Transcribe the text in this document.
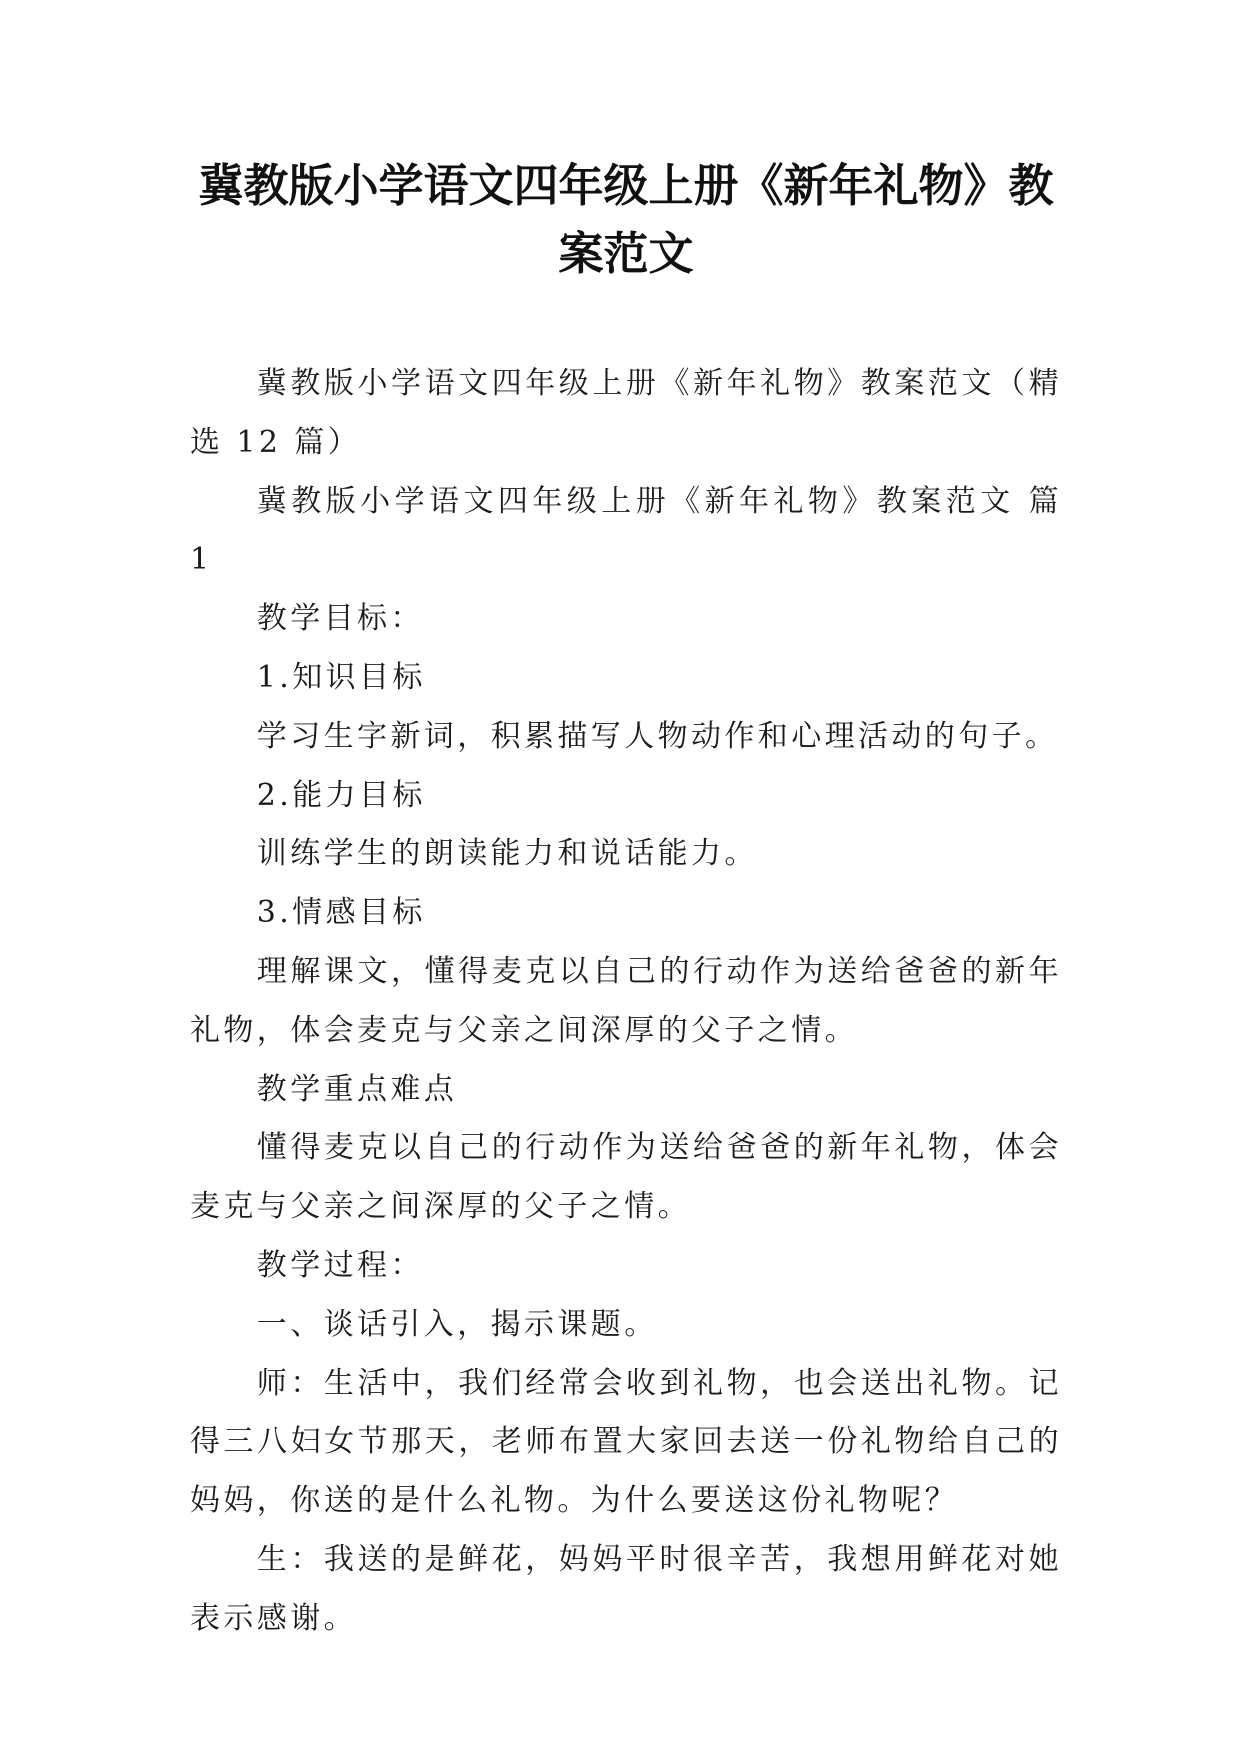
冀教版小学语文四年级上册《新年礼物》教案范文

冀教版小学语文四年级上册《新年礼物》教案范文（精选 12 篇）

冀教版小学语文四年级上册《新年礼物》教案范文 篇 1

教学目标：

1.知识目标

学习生字新词，积累描写人物动作和心理活动的句子。

2.能力目标

训练学生的朗读能力和说话能力。

3.情感目标

理解课文，懂得麦克以自己的行动作为送给爸爸的新年礼物，体会麦克与父亲之间深厚的父子之情。

教学重点难点

懂得麦克以自己的行动作为送给爸爸的新年礼物，体会麦克与父亲之间深厚的父子之情。

教学过程：

一、谈话引入，揭示课题。

师：生活中，我们经常会收到礼物，也会送出礼物。记得三八妇女节那天，老师布置大家回去送一份礼物给自己的妈妈，你送的是什么礼物。为什么要送这份礼物呢？

生：我送的是鲜花，妈妈平时很辛苦，我想用鲜花对她表示感谢。
